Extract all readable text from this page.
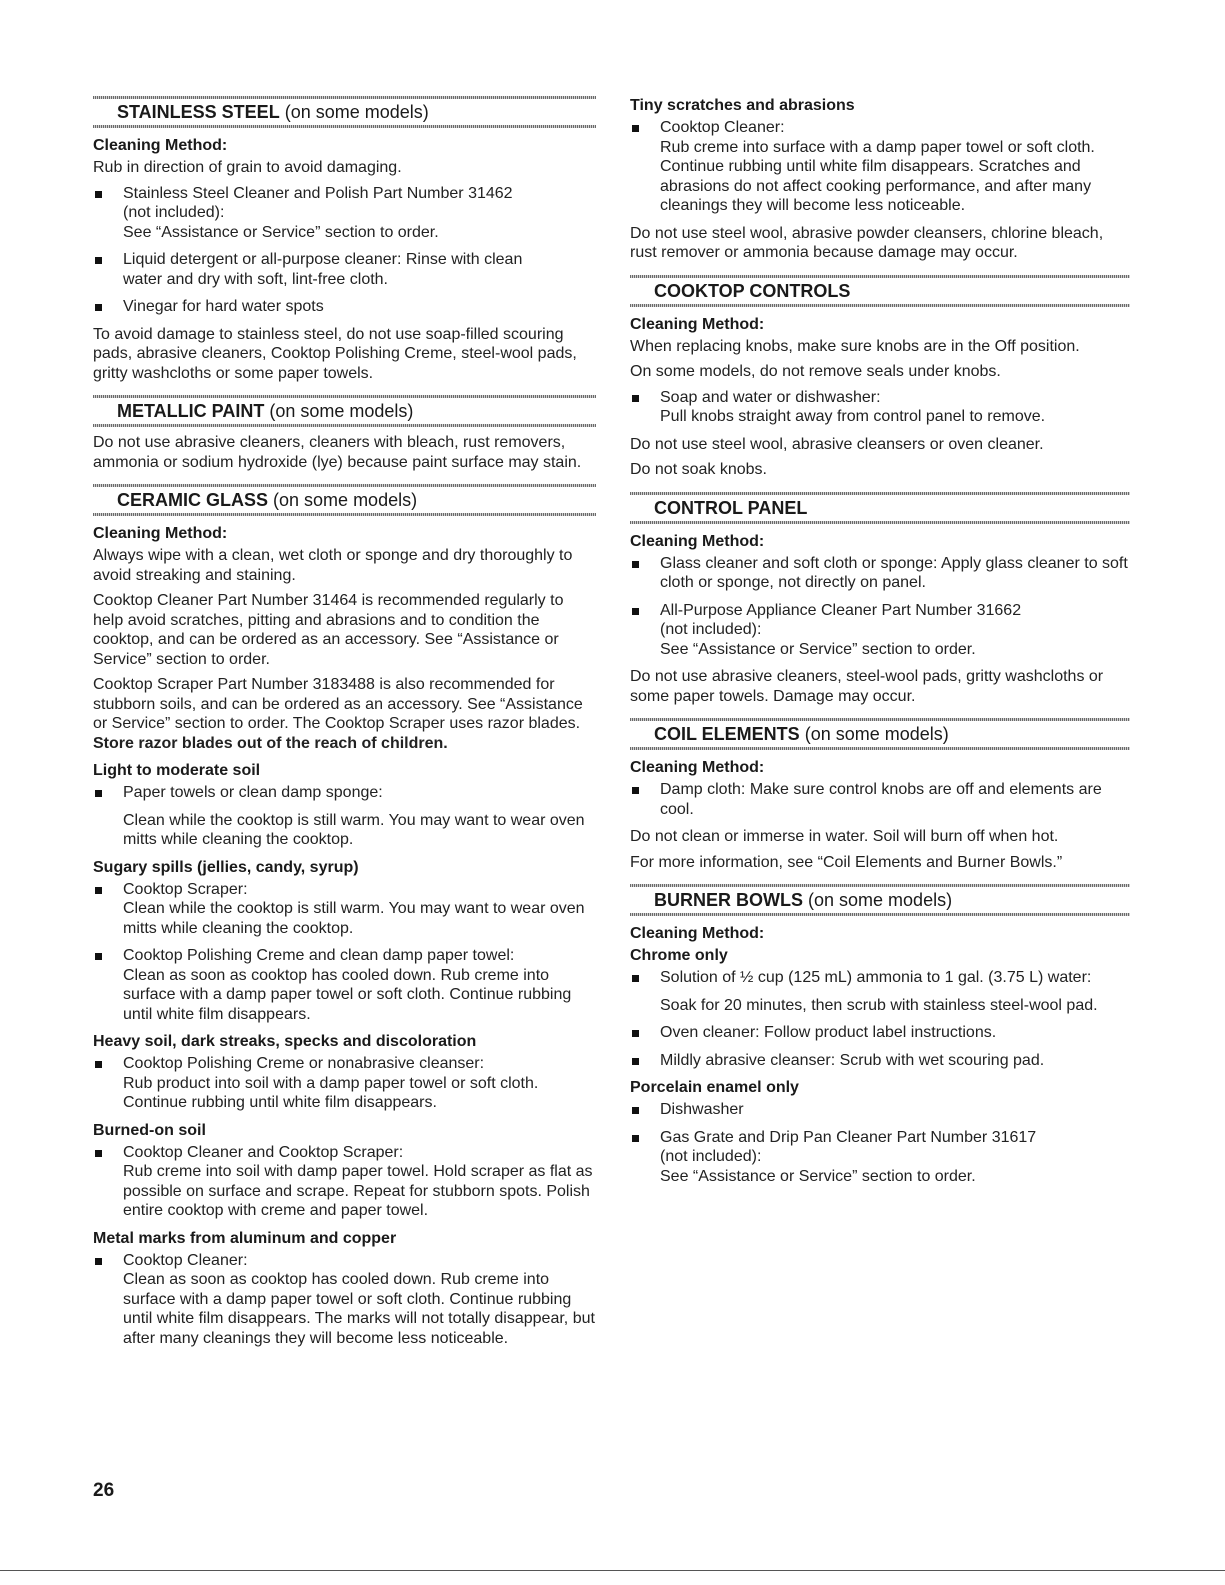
STAINLESS STEEL (on some models)
Cleaning Method:

Rub in direction of grain to avoid damaging.

Stainless Steel Cleaner and Polish Part Number 31462
(not included):
See “Assistance or Service” section to order.
Liquid detergent or all-purpose cleaner: Rinse with clean
water and dry with soft, lint-free cloth.
Vinegar for hard water spots

To avoid damage to stainless steel, do not use soap-filled scouring pads, abrasive cleaners, Cooktop Polishing Creme, steel-wool pads, gritty washcloths or some paper towels.

METALLIC PAINT (on some models)

Do not use abrasive cleaners, cleaners with bleach, rust removers, ammonia or sodium hydroxide (lye) because paint surface may stain.

CERAMIC GLASS (on some models)
Cleaning Method:

Always wipe with a clean, wet cloth or sponge and dry thoroughly to avoid streaking and staining.

Cooktop Cleaner Part Number 31464 is recommended regularly to help avoid scratches, pitting and abrasions and to condition the cooktop, and can be ordered as an accessory. See “Assistance or Service” section to order.

Cooktop Scraper Part Number 3183488 is also recommended for stubborn soils, and can be ordered as an accessory. See “Assistance or Service” section to order. The Cooktop Scraper uses razor blades. Store razor blades out of the reach of children.

Light to moderate soil
Paper towels or clean damp sponge:
Clean while the cooktop is still warm. You may want to wear oven mitts while cleaning the cooktop.
Sugary spills (jellies, candy, syrup)
Cooktop Scraper:
Clean while the cooktop is still warm. You may want to wear oven mitts while cleaning the cooktop.
Cooktop Polishing Creme and clean damp paper towel:
Clean as soon as cooktop has cooled down. Rub creme into surface with a damp paper towel or soft cloth. Continue rubbing until white film disappears.
Heavy soil, dark streaks, specks and discoloration
Cooktop Polishing Creme or nonabrasive cleanser:
Rub product into soil with a damp paper towel or soft cloth. Continue rubbing until white film disappears.
Burned-on soil
Cooktop Cleaner and Cooktop Scraper:
Rub creme into soil with damp paper towel. Hold scraper as flat as possible on surface and scrape. Repeat for stubborn spots. Polish entire cooktop with creme and paper towel.
Metal marks from aluminum and copper
Cooktop Cleaner:
Clean as soon as cooktop has cooled down. Rub creme into surface with a damp paper towel or soft cloth. Continue rubbing until white film disappears. The marks will not totally disappear, but after many cleanings they will become less noticeable.
Tiny scratches and abrasions
Cooktop Cleaner:
Rub creme into surface with a damp paper towel or soft cloth. Continue rubbing until white film disappears. Scratches and abrasions do not affect cooking performance, and after many cleanings they will become less noticeable.

Do not use steel wool, abrasive powder cleansers, chlorine bleach, rust remover or ammonia because damage may occur.

COOKTOP CONTROLS
Cleaning Method:

When replacing knobs, make sure knobs are in the Off position.

On some models, do not remove seals under knobs.

Soap and water or dishwasher:
Pull knobs straight away from control panel to remove.

Do not use steel wool, abrasive cleansers or oven cleaner.

Do not soak knobs.

CONTROL PANEL
Cleaning Method:
Glass cleaner and soft cloth or sponge: Apply glass cleaner to soft cloth or sponge, not directly on panel.
All-Purpose Appliance Cleaner Part Number 31662
(not included):
See “Assistance or Service” section to order.

Do not use abrasive cleaners, steel-wool pads, gritty washcloths or some paper towels. Damage may occur.

COIL ELEMENTS (on some models)
Cleaning Method:
Damp cloth: Make sure control knobs are off and elements are cool.

Do not clean or immerse in water. Soil will burn off when hot.

For more information, see “Coil Elements and Burner Bowls.”

BURNER BOWLS (on some models)
Cleaning Method:
Chrome only
Solution of ½ cup (125 mL) ammonia to 1 gal. (3.75 L) water:
Soak for 20 minutes, then scrub with stainless steel-wool pad.
Oven cleaner: Follow product label instructions.
Mildly abrasive cleanser: Scrub with wet scouring pad.
Porcelain enamel only
Dishwasher
Gas Grate and Drip Pan Cleaner Part Number 31617
(not included):
See “Assistance or Service” section to order.
26
